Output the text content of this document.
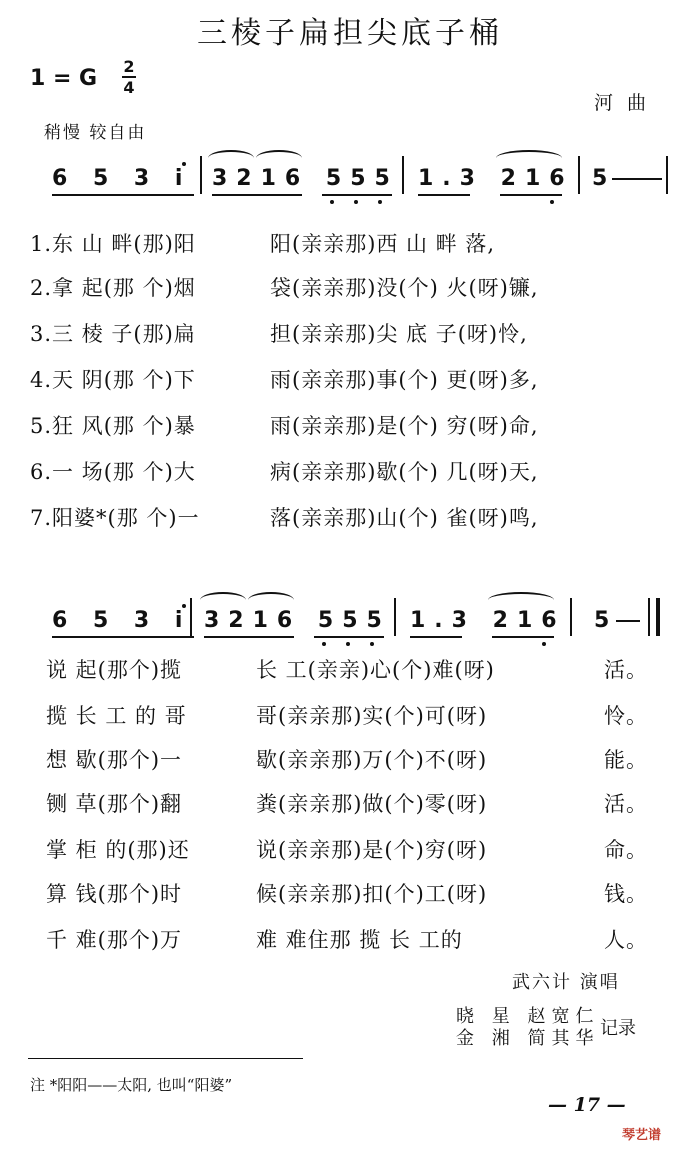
三棱子扁担尖底子桶
1 = G 2
4
河曲
稍慢 较自由
6 5 3 i 3216 555 1.3 216 5
1.东 山 畔(那)阳	阳(亲亲那)西 山 畔 落,
2.拿 起(那 个)烟	袋(亲亲那)没(个) 火(呀)镰,
3.三 棱 子(那)扁	担(亲亲那)尖 底 子(呀)怜,
4.天 阴(那 个)下	雨(亲亲那)事(个) 更(呀)多,
5.狂 风(那 个)暴	雨(亲亲那)是(个) 穷(呀)命,
6.一 场(那 个)大	病(亲亲那)歇(个) 几(呀)天,
7.阳婆*(那 个)一	落(亲亲那)山(个) 雀(呀)鸣,
6 5 3 i 3216 555 1.3 216 5
说 起(那个)揽	长 工(亲亲)心(个)难(呀)	活。
揽 长 工 的 哥	哥(亲亲那)实(个)可(呀)	怜。
想 歇(那个)一	歇(亲亲那)万(个)不(呀)	能。
铡 草(那个)翻	粪(亲亲那)做(个)零(呀)	活。
掌 柜 的(那)还	说(亲亲那)是(个)穷(呀)	命。
算 钱(那个)时	候(亲亲那)扣(个)工(呀)	钱。
千 难(那个)万	难 难住那 揽 长 工的	人。
武六计 演唱
晓 星 赵宽仁
金 湘 简其华 记录
注 *阳阳——太阳, 也叫“阳婆”
— 17 —
琴艺谱
